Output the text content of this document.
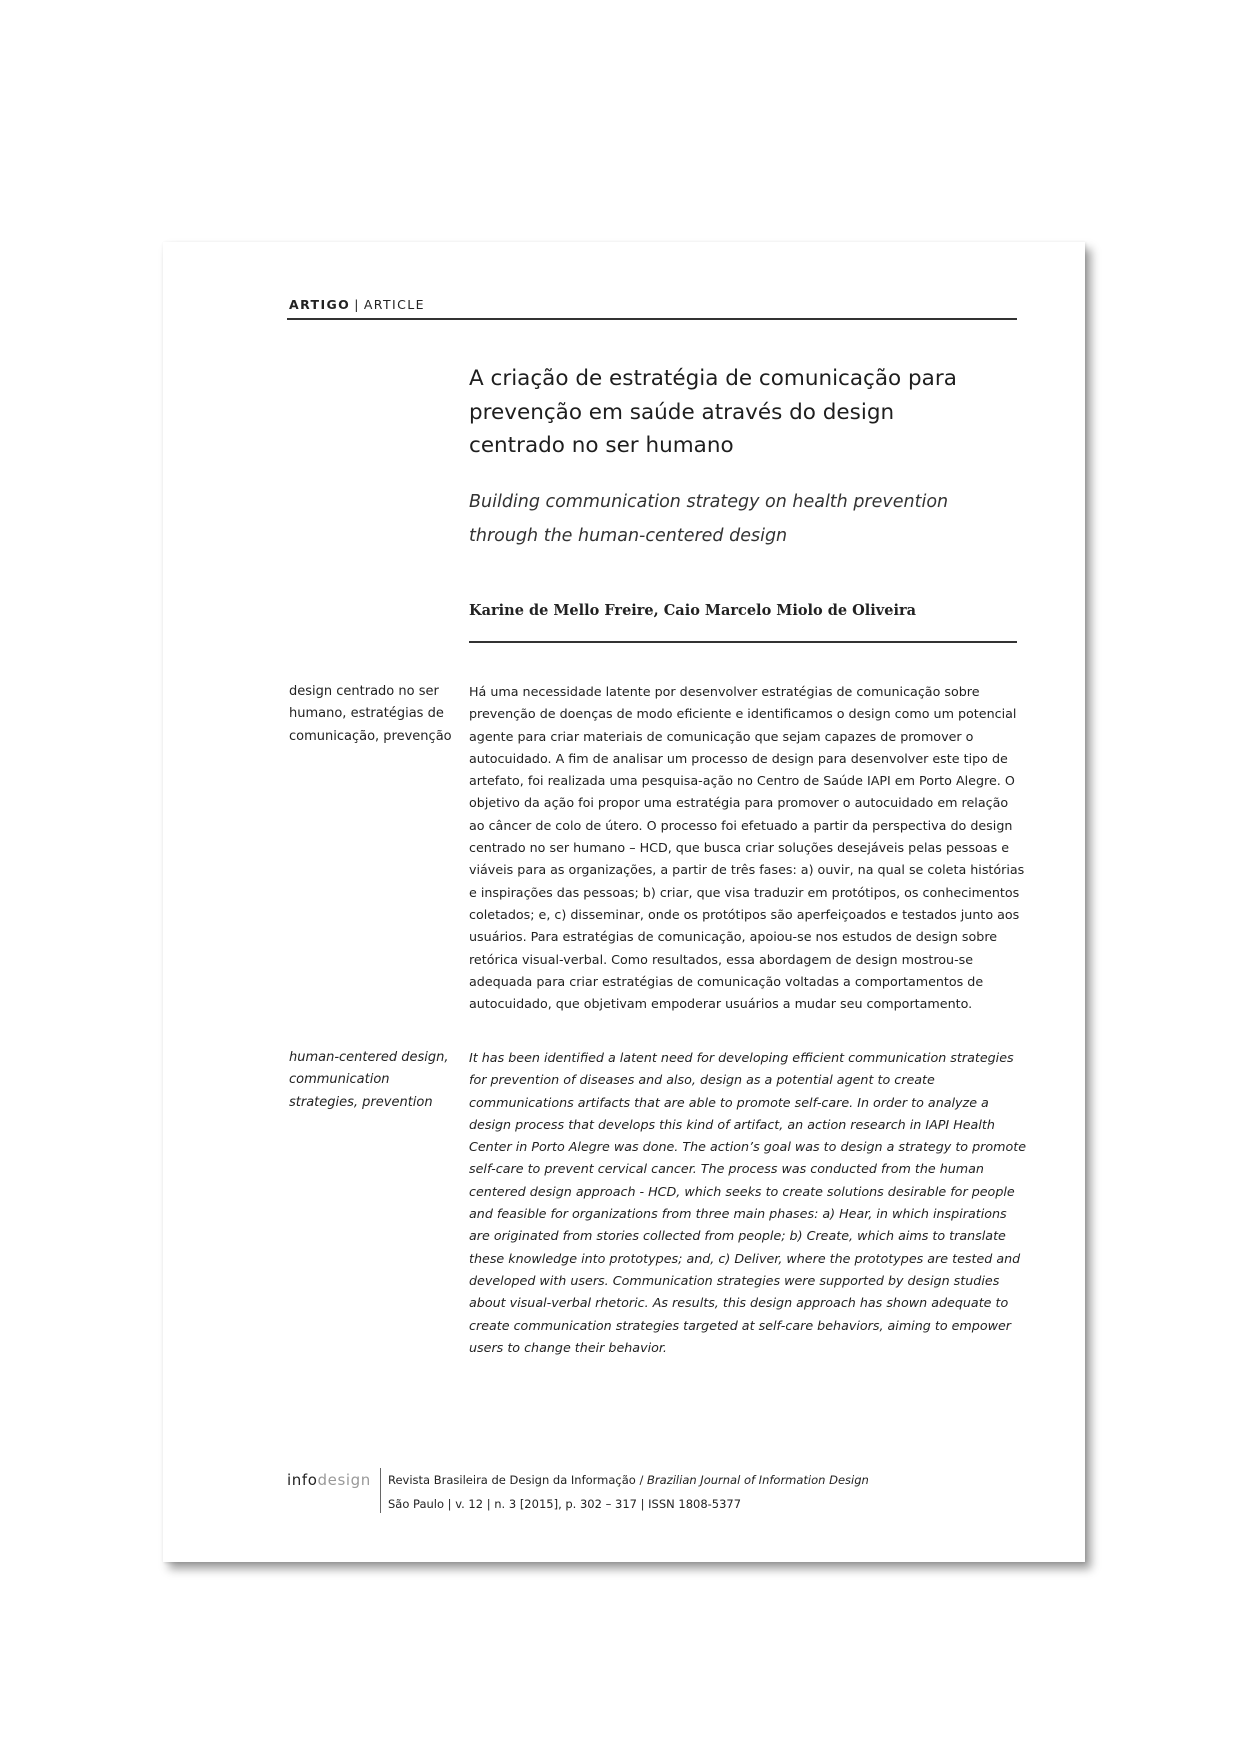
ARTIGO | ARTICLE
A criação de estratégia de comunicação para prevenção em saúde através do design centrado no ser humano

Building communication strategy on health prevention through the human-centered design

Karine de Mello Freire, Caio Marcelo Miolo de Oliveira

design centrado no ser humano, estratégias de comunicação, prevenção

Há uma necessidade latente por desenvolver estratégias de comunicação sobre prevenção de doenças de modo eficiente e identificamos o design como um potencial agente para criar materiais de comunicação que sejam capazes de promover o autocuidado. A fim de analisar um processo de design para desenvolver este tipo de artefato, foi realizada uma pesquisa-ação no Centro de Saúde IAPI em Porto Alegre. O objetivo da ação foi propor uma estratégia para promover o autocuidado em relação ao câncer de colo de útero. O processo foi efetuado a partir da perspectiva do design centrado no ser humano – HCD, que busca criar soluções desejáveis pelas pessoas e viáveis para as organizações, a partir de três fases: a) ouvir, na qual se coleta histórias e inspirações das pessoas; b) criar, que visa traduzir em protótipos, os conhecimentos coletados; e, c) disseminar, onde os protótipos são aperfeiçoados e testados junto aos usuários. Para estratégias de comunicação, apoiou-se nos estudos de design sobre retórica visual-verbal. Como resultados, essa abordagem de design mostrou-se adequada para criar estratégias de comunicação voltadas a comportamentos de autocuidado, que objetivam empoderar usuários a mudar seu comportamento.

human-centered design, communication strategies, prevention

It has been identified a latent need for developing efficient communication strategies for prevention of diseases and also, design as a potential agent to create communications artifacts that are able to promote self-care. In order to analyze a design process that develops this kind of artifact, an action research in IAPI Health Center in Porto Alegre was done. The action’s goal was to design a strategy to promote self-care to prevent cervical cancer. The process was conducted from the human centered design approach - HCD, which seeks to create solutions desirable for people and feasible for organizations from three main phases: a) Hear, in which inspirations are originated from stories collected from people; b) Create, which aims to translate these knowledge into prototypes; and, c) Deliver, where the prototypes are tested and developed with users. Communication strategies were supported by design studies about visual-verbal rhetoric. As results, this design approach has shown adequate to create communication strategies targeted at self-care behaviors, aiming to empower users to change their behavior.

infodesign Revista Brasileira de Design da Informação / Brazilian Journal of Information Design

São Paulo | v. 12 | n. 3 [2015], p. 302 – 317 | ISSN 1808-5377
